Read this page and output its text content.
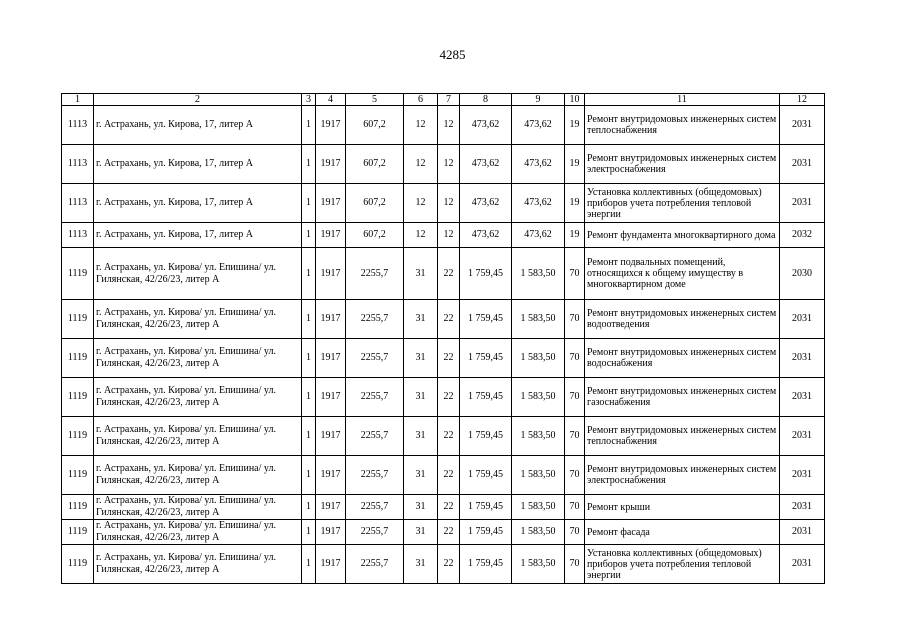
4285
1	2	3	4	5	6	7	8	9	10	11	12
1113	г. Астрахань, ул. Кирова, 17, литер А	1	1917	607,2	12	12	473,62	473,62	19	Ремонт внутридомовых инженерных систем теплоснабжения	2031
1113	г. Астрахань, ул. Кирова, 17, литер А	1	1917	607,2	12	12	473,62	473,62	19	Ремонт внутридомовых инженерных систем электроснабжения	2031
1113	г. Астрахань, ул. Кирова, 17, литер А	1	1917	607,2	12	12	473,62	473,62	19	Установка коллективных (общедомовых) приборов учета потребления тепловой энергии	2031
1113	г. Астрахань, ул. Кирова, 17, литер А	1	1917	607,2	12	12	473,62	473,62	19	Ремонт фундамента многоквартирного дома	2032
1119	г. Астрахань, ул. Кирова/ ул. Епишина/ ул. Гилянская, 42/26/23, литер А	1	1917	2255,7	31	22	1 759,45	1 583,50	70	Ремонт подвальных помещений, относящихся к общему имуществу в многоквартирном доме	2030
1119	г. Астрахань, ул. Кирова/ ул. Епишина/ ул. Гилянская, 42/26/23, литер А	1	1917	2255,7	31	22	1 759,45	1 583,50	70	Ремонт внутридомовых инженерных систем водоотведения	2031
1119	г. Астрахань, ул. Кирова/ ул. Епишина/ ул. Гилянская, 42/26/23, литер А	1	1917	2255,7	31	22	1 759,45	1 583,50	70	Ремонт внутридомовых инженерных систем водоснабжения	2031
1119	г. Астрахань, ул. Кирова/ ул. Епишина/ ул. Гилянская, 42/26/23, литер А	1	1917	2255,7	31	22	1 759,45	1 583,50	70	Ремонт внутридомовых инженерных систем газоснабжения	2031
1119	г. Астрахань, ул. Кирова/ ул. Епишина/ ул. Гилянская, 42/26/23, литер А	1	1917	2255,7	31	22	1 759,45	1 583,50	70	Ремонт внутридомовых инженерных систем теплоснабжения	2031
1119	г. Астрахань, ул. Кирова/ ул. Епишина/ ул. Гилянская, 42/26/23, литер А	1	1917	2255,7	31	22	1 759,45	1 583,50	70	Ремонт внутридомовых инженерных систем электроснабжения	2031
1119	г. Астрахань, ул. Кирова/ ул. Епишина/ ул. Гилянская, 42/26/23, литер А	1	1917	2255,7	31	22	1 759,45	1 583,50	70	Ремонт крыши	2031
1119	г. Астрахань, ул. Кирова/ ул. Епишина/ ул. Гилянская, 42/26/23, литер А	1	1917	2255,7	31	22	1 759,45	1 583,50	70	Ремонт фасада	2031
1119	г. Астрахань, ул. Кирова/ ул. Епишина/ ул. Гилянская, 42/26/23, литер А	1	1917	2255,7	31	22	1 759,45	1 583,50	70	Установка коллективных (общедомовых) приборов учета потребления тепловой энергии	2031
